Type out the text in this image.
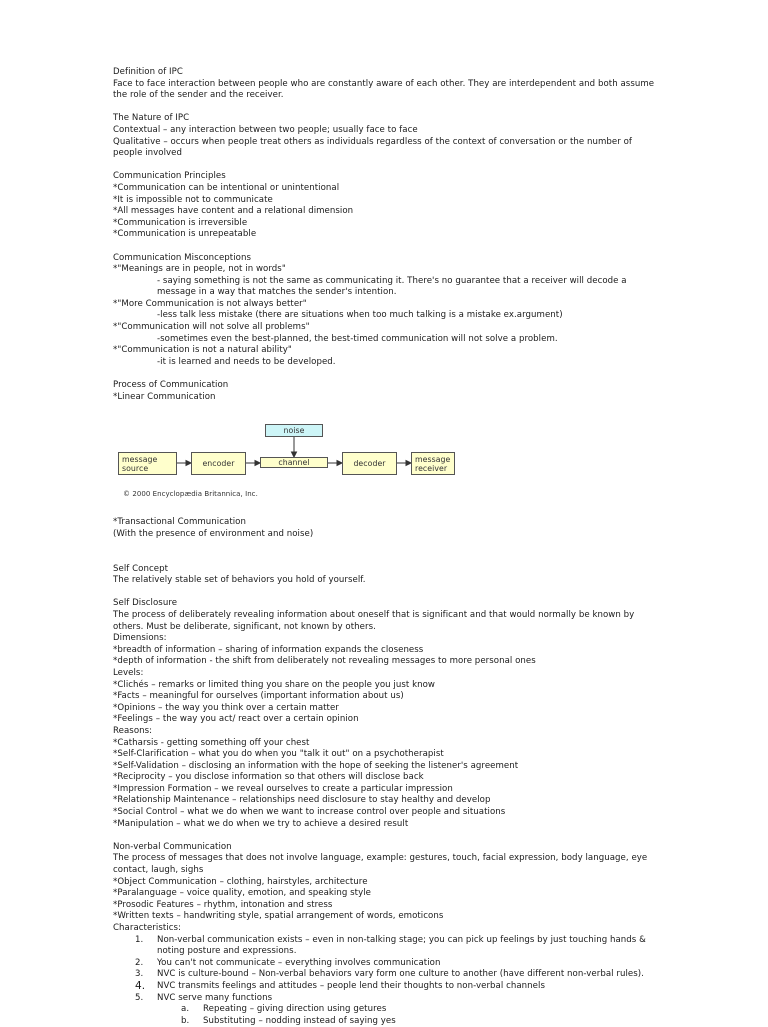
Definition of IPC
Face to face interaction between people who are constantly aware of each other. They are interdependent and both assume the role of the sender and the receiver.
The Nature of IPC
Contextual – any interaction between two people; usually face to face
Qualitative – occurs when people treat others as individuals regardless of the context of conversation or the number of people involved
Communication Principles
*Communication can be intentional or unintentional
*It is impossible not to communicate
*All messages have content and a relational dimension
*Communication is irreversible
*Communication is unrepeatable
Communication Misconceptions
*"Meanings are in people, not in words"
- saying something is not the same as communicating it. There's no guarantee that a receiver will decode a message in a way that matches the sender's intention.
*"More Communication is not always better"
-less talk less mistake (there are situations when too much talking is a mistake ex.argument)
*"Communication will not solve all problems"
-sometimes even the best-planned, the best-timed communication will not solve a problem.
*"Communication is not a natural ability"
-it is learned and needs to be developed.
Process of Communication
*Linear Communication
noise
message source	encoder	channel	decoder	message receiver
© 2000 Encyclopædia Britannica, Inc.
*Transactional Communication
(With the presence of environment and noise)
Self Concept
The relatively stable set of behaviors you hold of yourself.
Self Disclosure
The process of deliberately revealing information about oneself that is significant and that would normally be known by others. Must be deliberate, significant, not known by others.
Dimensions:
*breadth of information – sharing of information expands the closeness
*depth of information - the shift from deliberately not revealing messages to more personal ones
Levels:
*Clichés – remarks or limited thing you share on the people you just know
*Facts – meaningful for ourselves (important information about us)
*Opinions – the way you think over a certain matter
*Feelings – the way you act/ react over a certain opinion
Reasons:
*Catharsis - getting something off your chest
*Self-Clarification – what you do when you "talk it out" on a psychotherapist
*Self-Validation – disclosing an information with the hope of seeking the listener's agreement
*Reciprocity – you disclose information so that others will disclose back
*Impression Formation – we reveal ourselves to create a particular impression
*Relationship Maintenance – relationships need disclosure to stay healthy and develop
*Social Control – what we do when we want to increase control over people and situations
*Manipulation – what we do when we try to achieve a desired result
Non-verbal Communication
The process of messages that does not involve language, example: gestures, touch, facial expression, body language, eye contact, laugh, sighs
*Object Communication – clothing, hairstyles, architecture
*Paralanguage – voice quality, emotion, and speaking style
*Prosodic Features – rhythm, intonation and stress
*Written texts – handwriting style, spatial arrangement of words, emoticons
Characteristics:
1. Non-verbal communication exists – even in non-talking stage; you can pick up feelings by just touching hands & noting posture and expressions.
2. You can't not communicate – everything involves communication
3. NVC is culture-bound – Non-verbal behaviors vary form one culture to another (have different non-verbal rules).
4. NVC transmits feelings and attitudes – people lend their thoughts to non-verbal channels
5. NVC serve many functions
a. Repeating – giving direction using getures
b. Substituting – nodding instead of saying yes
